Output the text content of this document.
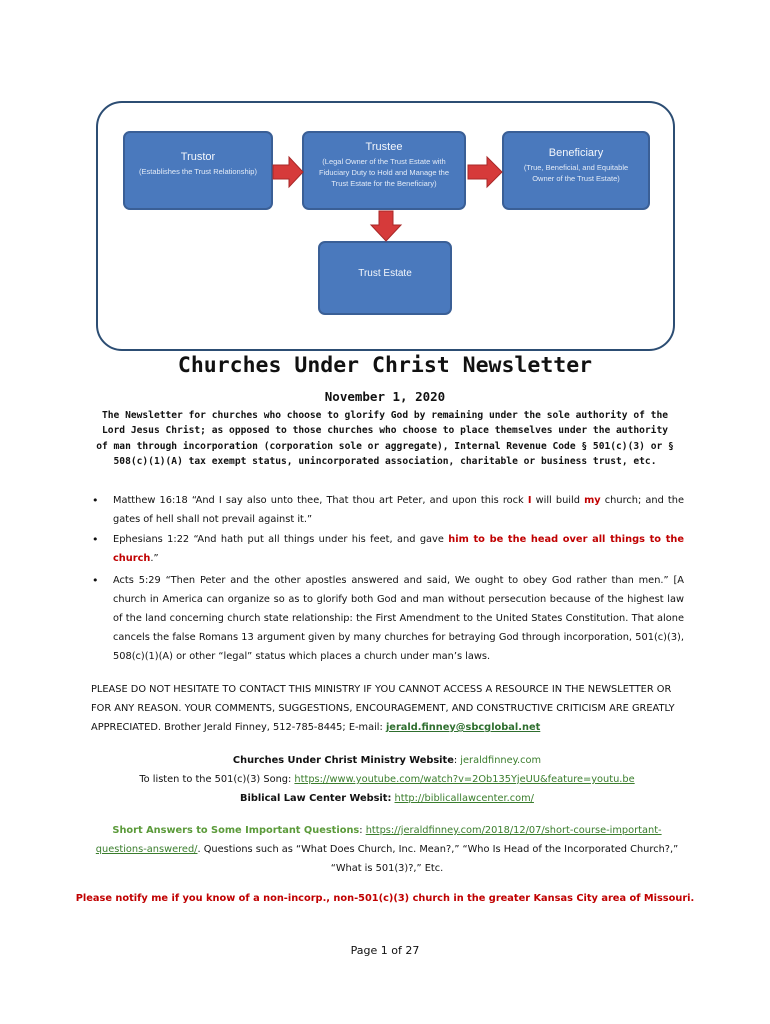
Trustor
(Establishes the Trust Relationship)
Trustee
(Legal Owner of the Trust Estate with
Fiduciary Duty to Hold and Manage the
Trust Estate for the Beneficiary)
Beneficiary
(True, Beneficial, and Equitable
Owner of the Trust Estate)
Trust Estate
Churches Under Christ Newsletter
November 1, 2020
The Newsletter for churches who choose to glorify God by remaining under the sole authority of the Lord Jesus Christ; as opposed to those churches who choose to place themselves under the authority of man through incorporation (corporation sole or aggregate), Internal Revenue Code § 501(c)(3) or § 508(c)(1)(A) tax exempt status, unincorporated association, charitable or business trust, etc.
• Matthew 16:18 “And I say also unto thee, That thou art Peter, and upon this rock I will build my church; and the gates of hell shall not prevail against it.”
• Ephesians 1:22 “And hath put all things under his feet, and gave him to be the head over all things to the church.”
• Acts 5:29 “Then Peter and the other apostles answered and said, We ought to obey God rather than men.” [A church in America can organize so as to glorify both God and man without persecution because of the highest law of the land concerning church state relationship: the First Amendment to the United States Constitution. That alone cancels the false Romans 13 argument given by many churches for betraying God through incorporation, 501(c)(3), 508(c)(1)(A) or other “legal” status which places a church under man’s laws.
PLEASE DO NOT HESITATE TO CONTACT THIS MINISTRY IF YOU CANNOT ACCESS A RESOURCE IN THE NEWSLETTER OR FOR ANY REASON. YOUR COMMENTS, SUGGESTIONS, ENCOURAGEMENT, AND CONSTRUCTIVE CRITICISM ARE GREATLY APPRECIATED. Brother Jerald Finney, 512-785-8445; E-mail: jerald.finney@sbcglobal.net
Churches Under Christ Ministry Website: jeraldfinney.com
To listen to the 501(c)(3) Song: https://www.youtube.com/watch?v=2Ob135YjeUU&feature=youtu.be
Biblical Law Center Websit: http://biblicallawcenter.com/
Short Answers to Some Important Questions: https://jeraldfinney.com/2018/12/07/short-course-important-questions-answered/. Questions such as “What Does Church, Inc. Mean?,” “Who Is Head of the Incorporated Church?,” “What is 501(3)?,” Etc.
Please notify me if you know of a non-incorp., non-501(c)(3) church in the greater Kansas City area of Missouri.
Page 1 of 27
